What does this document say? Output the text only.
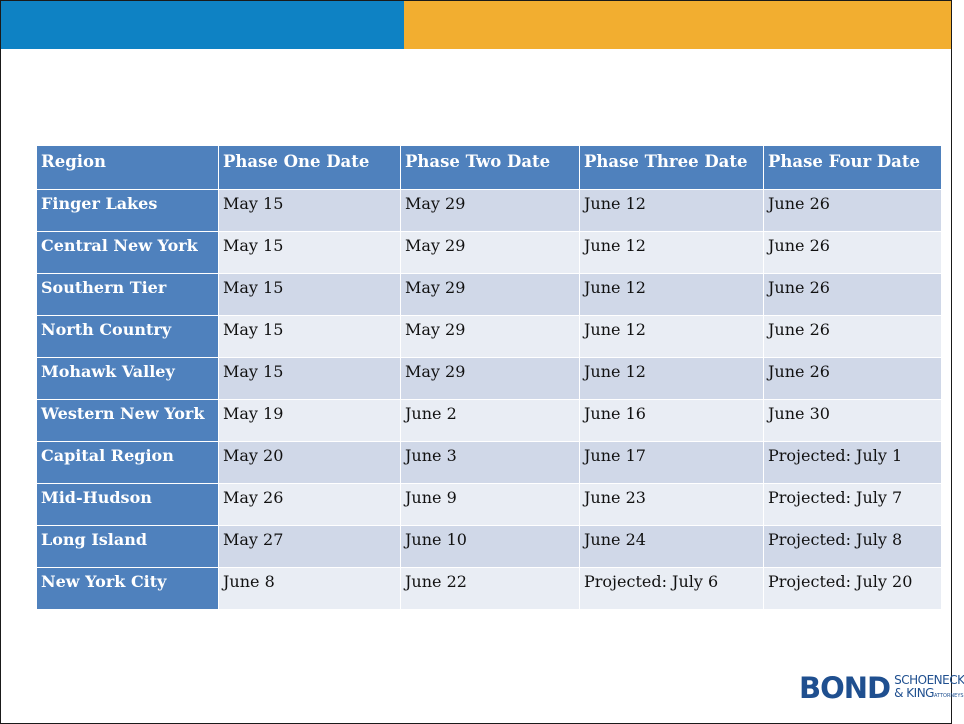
Region	Phase One Date	Phase Two Date	Phase Three Date	Phase Four Date
Finger Lakes	May 15	May 29	June 12	June 26
Central New York	May 15	May 29	June 12	June 26
Southern Tier	May 15	May 29	June 12	June 26
North Country	May 15	May 29	June 12	June 26
Mohawk Valley	May 15	May 29	June 12	June 26
Western New York	May 19	June 2	June 16	June 30
Capital Region	May 20	June 3	June 17	Projected: July 1
Mid-Hudson	May 26	June 9	June 23	Projected: July 7
Long Island	May 27	June 10	June 24	Projected: July 8
New York City	June 8	June 22	Projected: July 6	Projected: July 20
BOND SCHOENECK
& KINGATTORNEYS
